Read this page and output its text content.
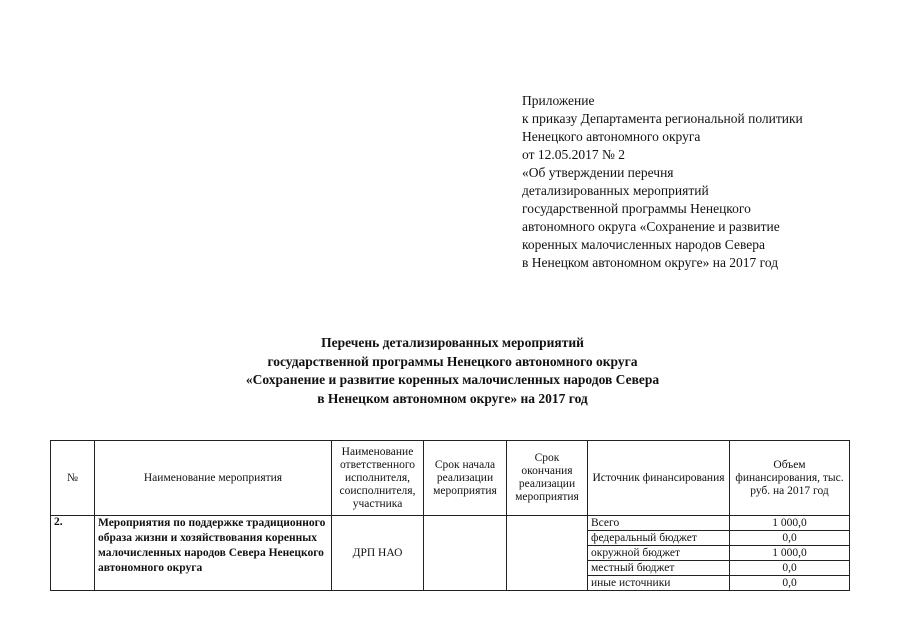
Приложение
к приказу Департамента региональной политики
Ненецкого автономного округа
от 12.05.2017 № 2
«Об утверждении перечня
детализированных мероприятий
государственной программы Ненецкого
автономного округа «Сохранение и развитие
коренных малочисленных народов Севера
в Ненецком автономном округе» на 2017 год
Перечень детализированных мероприятий
государственной программы Ненецкого автономного округа
«Сохранение и развитие коренных малочисленных народов Севера
в Ненецком автономном округе» на 2017 год
№	Наименование мероприятия	Наименование ответственного исполнителя, соисполнителя, участника	Срок начала реализации мероприятия	Срок окончания реализации мероприятия	Источник финансирования	Объем финансирования, тыс. руб. на 2017 год
2.	Мероприятия по поддержке традиционного образа жизни и хозяйствования коренных малочисленных народов Севера Ненецкого автономного округа	ДРП НАО			Всего	1 000,0
					федеральный бюджет	0,0
					окружной бюджет	1 000,0
					местный бюджет	0,0
					иные источники	0,0
